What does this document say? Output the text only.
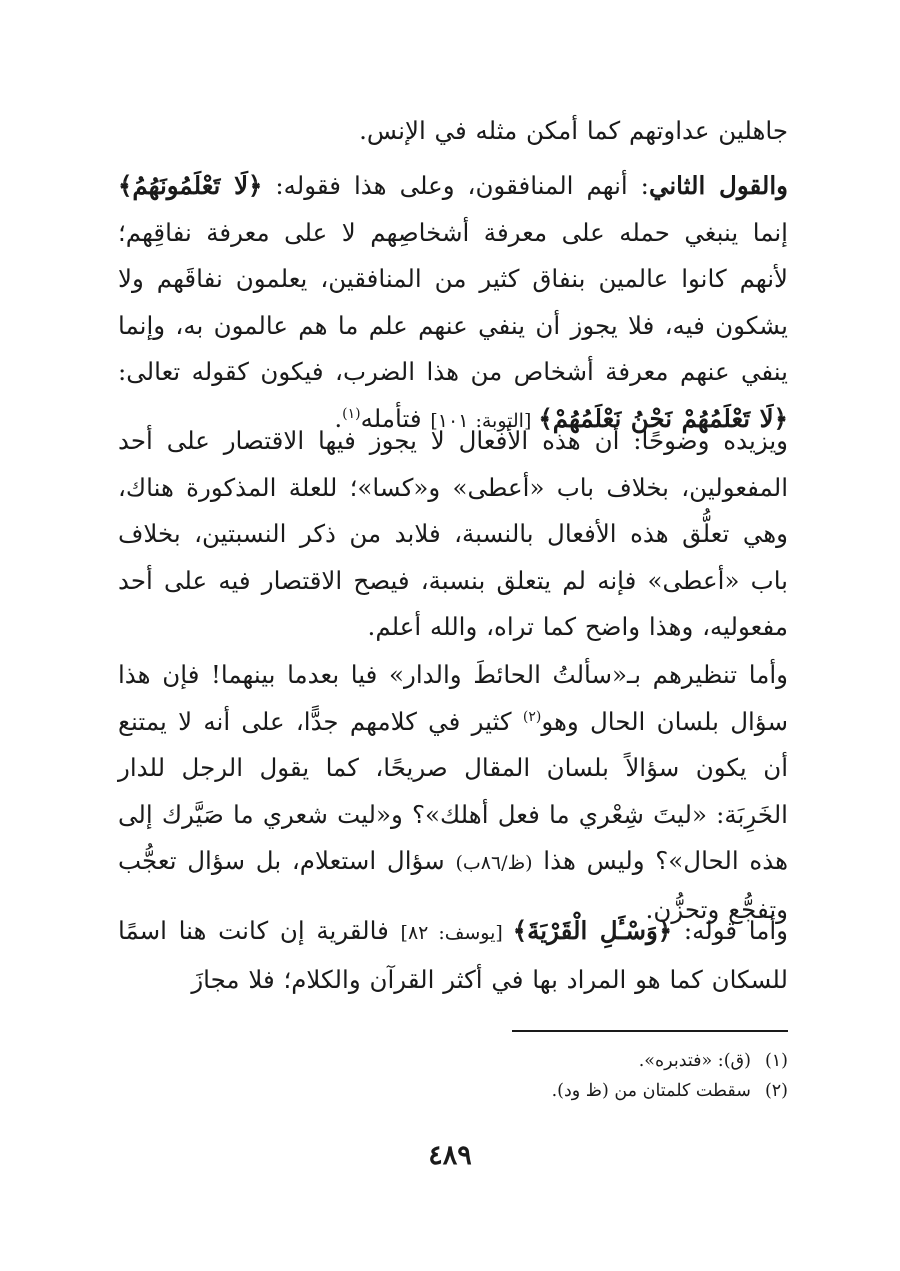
جاهلين عداوتهم كما أمكن مثله في الإنس.

والقول الثاني: أنهم المنافقون، وعلى هذا فقوله: ﴿لَا تَعْلَمُونَهُمُ﴾ إنما ينبغي حمله على معرفة أشخاصِهم لا على معرفة نفاقِهم؛ لأنهم كانوا عالمين بنفاق كثير من المنافقين، يعلمون نفاقَهم ولا يشكون فيه، فلا يجوز أن ينفي عنهم علم ما هم عالمون به، وإنما ينفي عنهم معرفة أشخاص من هذا الضرب، فيكون كقوله تعالى: ﴿لَا تَعْلَمُهُمْ نَحْنُ نَعْلَمُهُمْ﴾ [التوبة: ١٠١] فتأمله$^{(١)}$.

ويزيده وضوحًا: أن هذه الأفعال لا يجوز فيها الاقتصار على أحد المفعولين، بخلاف باب «أعطى» و«كسا»؛ للعلة المذكورة هناك، وهي تعلُّق هذه الأفعال بالنسبة، فلابد من ذكر النسبتين، بخلاف باب «أعطى» فإنه لم يتعلق بنسبة، فيصح الاقتصار فيه على أحد مفعوليه، وهذا واضح كما تراه، والله أعلم.

وأما تنظيرهم بـ«سألتُ الحائطَ والدار» فيا بعدما بينهما! فإن هذا سؤال بلسان الحال وهو$^{(٢)}$ كثير في كلامهم جدًّا، على أنه لا يمتنع أن يكون سؤالاً بلسان المقال صريحًا، كما يقول الرجل للدار الخَرِبَة: «ليتَ شِعْري ما فعل أهلك»؟ و«ليت شعري ما صَيَّرك إلى هذه الحال»؟ وليس هذا (ظ/٨٦ب) سؤال استعلام، بل سؤال تعجُّب وتفجُّع وتحزُّن.

وأما قوله: ﴿وَسْـَٔلِ الْقَرْيَةَ﴾ [يوسف: ٨٢] فالقرية إن كانت هنا اسمًا للسكان كما هو المراد بها في أكثر القرآن والكلام؛ فلا مجازَ

(١)(ق): «فتدبره».
(٢)سقطت كلمتان من (ظ ود).
٤٨٩
